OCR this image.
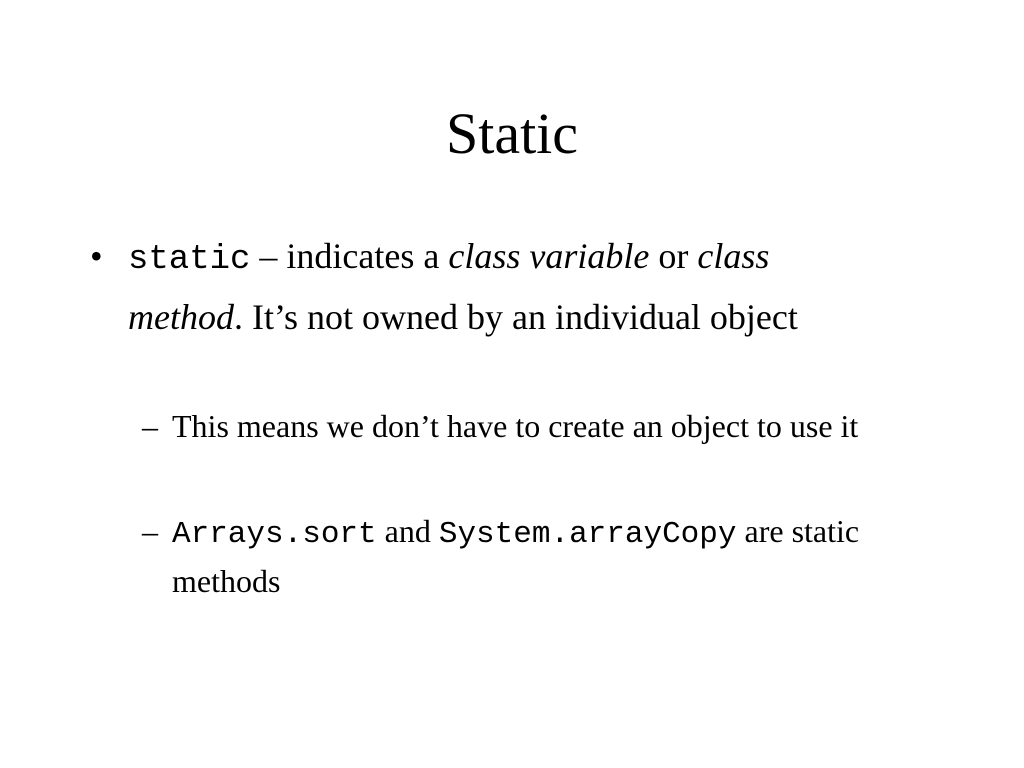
Static
• static – indicates a class variable or class method. It’s not owned by an individual object
– This means we don’t have to create an object to use it
– Arrays.sort and System.arrayCopy are static methods
